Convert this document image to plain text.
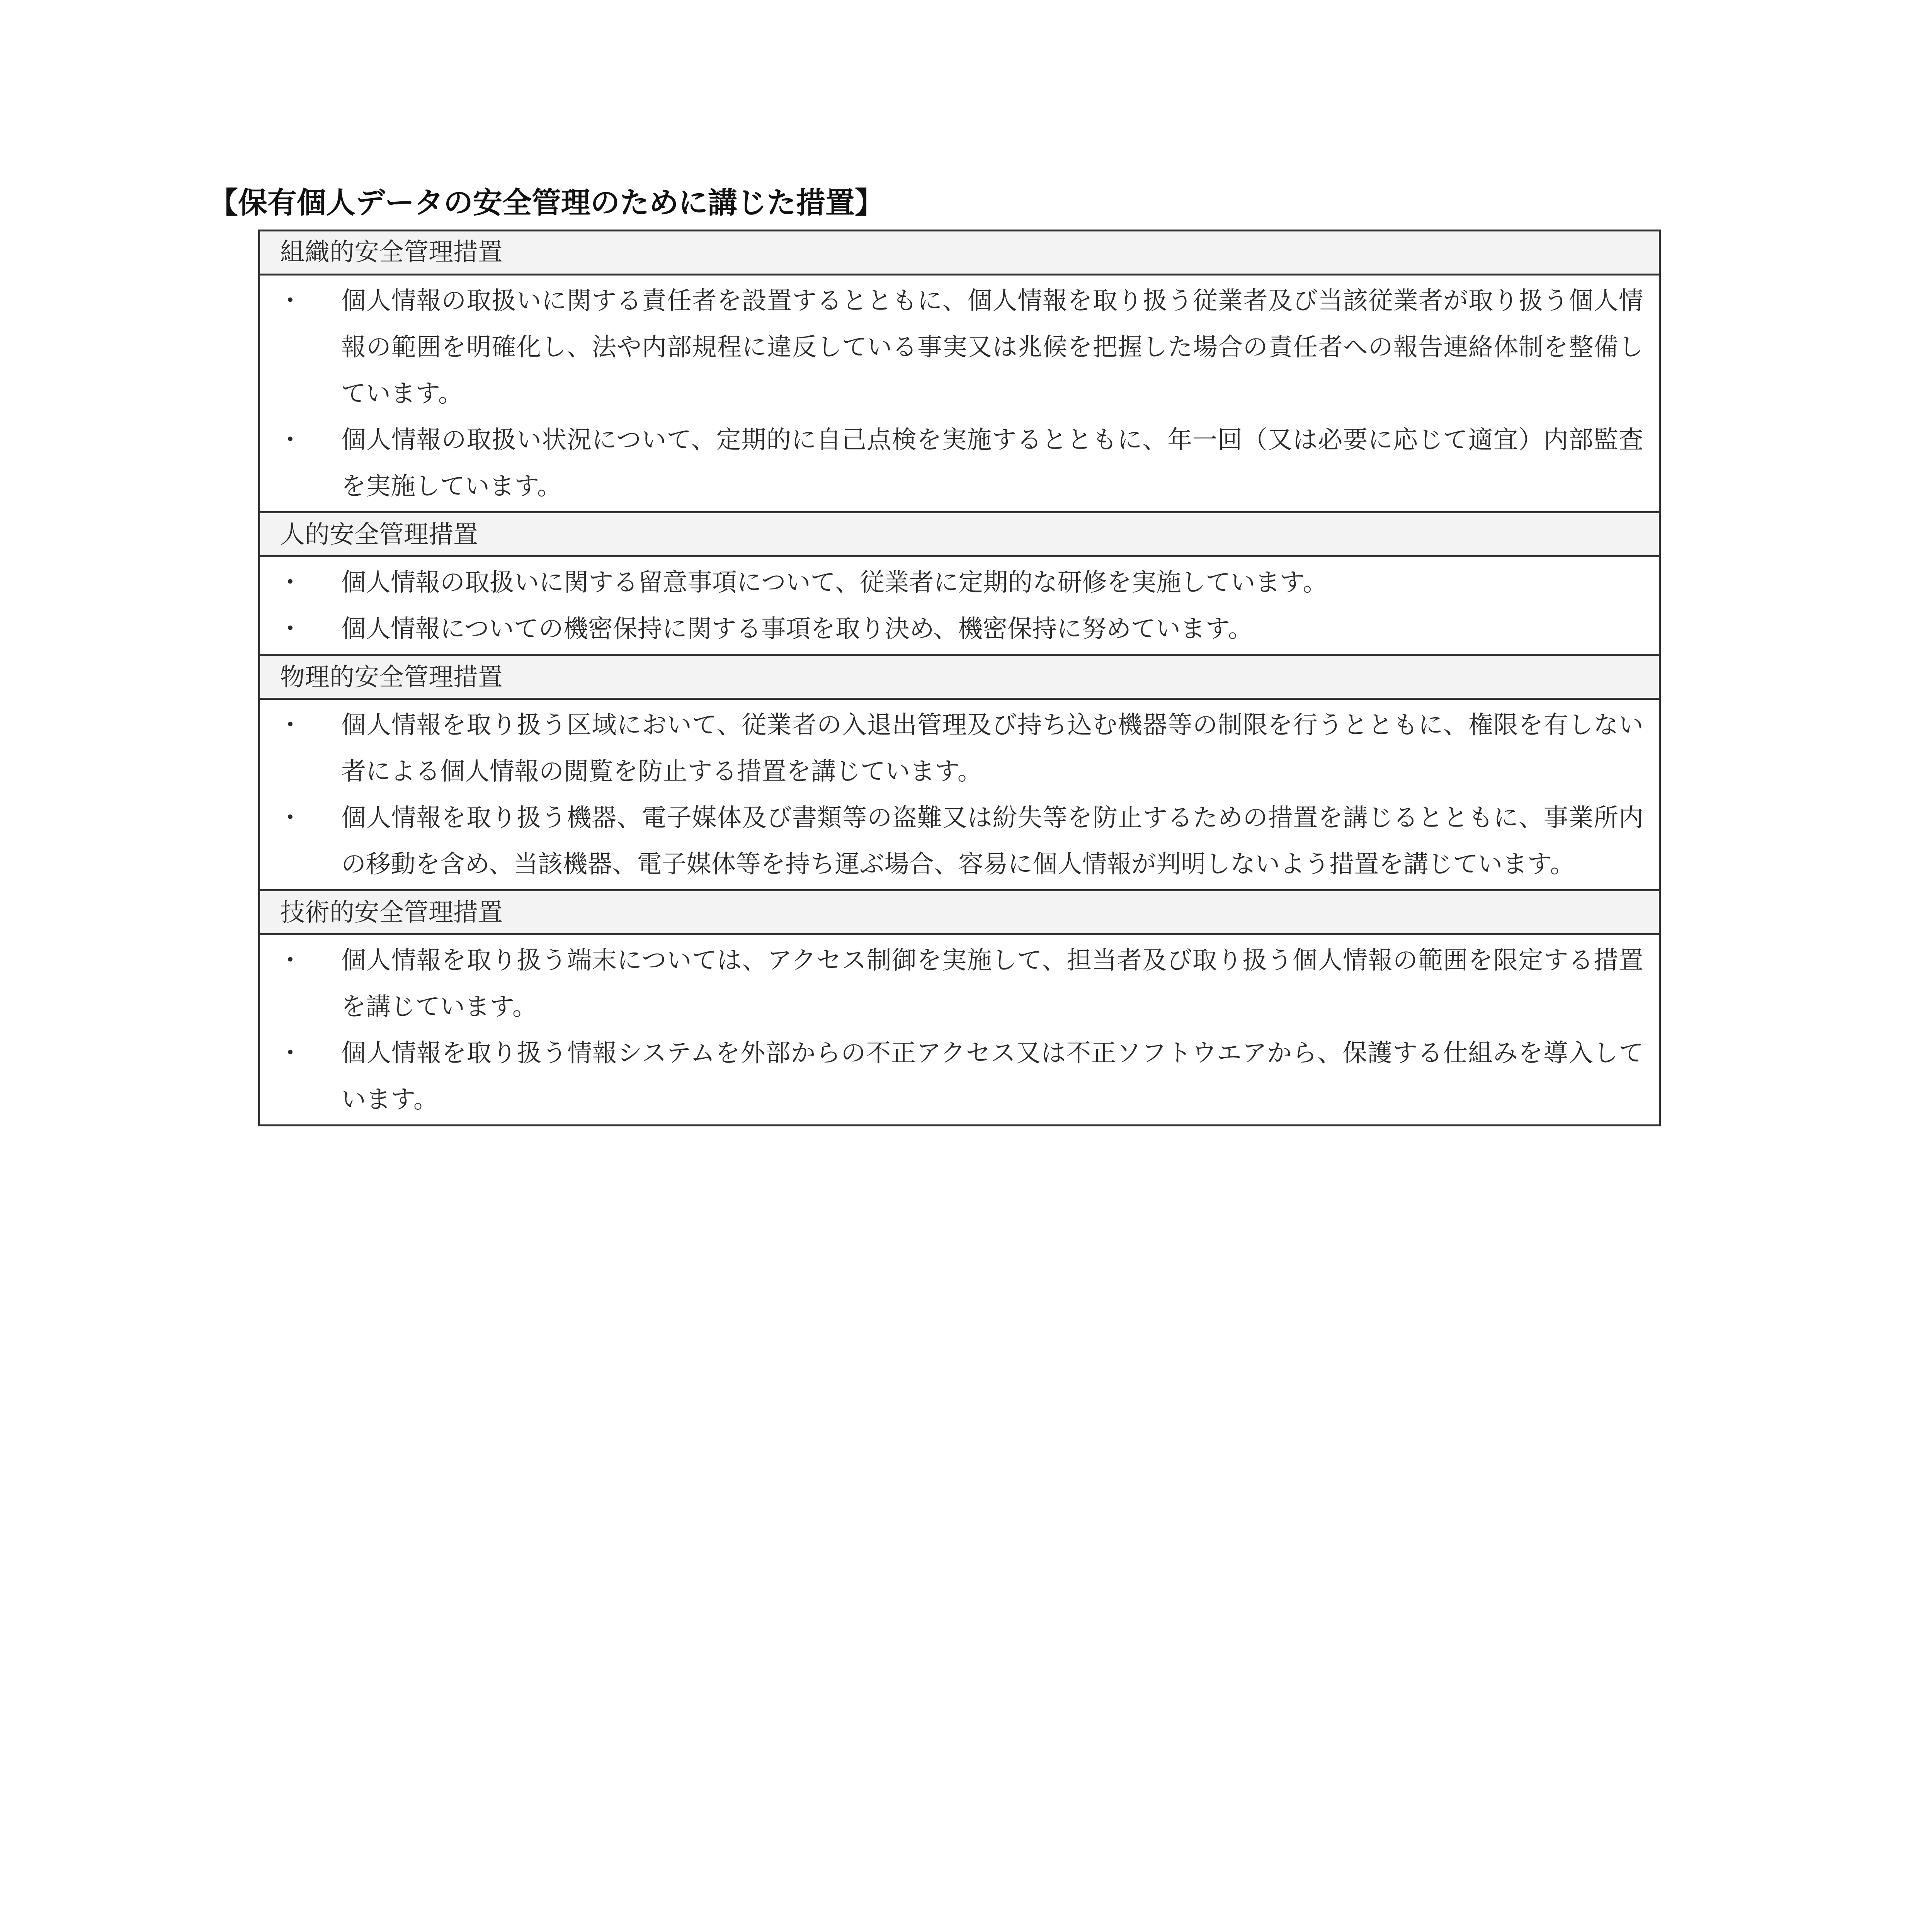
【保有個人データの安全管理のために講じた措置】
組織的安全管理措置
・	個人情報の取扱いに関する責任者を設置するとともに、個人情報を取り扱う従業者及び当該従業者が取り扱う個人情報の範囲を明確化し、法や内部規程に違反している事実又は兆候を把握した場合の責任者への報告連絡体制を整備しています。
・	個人情報の取扱い状況について、定期的に自己点検を実施するとともに、年一回（又は必要に応じて適宜）内部監査を実施しています。
人的安全管理措置
・	個人情報の取扱いに関する留意事項について、従業者に定期的な研修を実施しています。
・	個人情報についての機密保持に関する事項を取り決め、機密保持に努めています。
物理的安全管理措置
・	個人情報を取り扱う区域において、従業者の入退出管理及び持ち込む機器等の制限を行うとともに、権限を有しない者による個人情報の閲覧を防止する措置を講じています。
・	個人情報を取り扱う機器、電子媒体及び書類等の盗難又は紛失等を防止するための措置を講じるとともに、事業所内の移動を含め、当該機器、電子媒体等を持ち運ぶ場合、容易に個人情報が判明しないよう措置を講じています。
技術的安全管理措置
・	個人情報を取り扱う端末については、アクセス制御を実施して、担当者及び取り扱う個人情報の範囲を限定する措置を講じています。
・	個人情報を取り扱う情報システムを外部からの不正アクセス又は不正ソフトウエアから、保護する仕組みを導入しています。
